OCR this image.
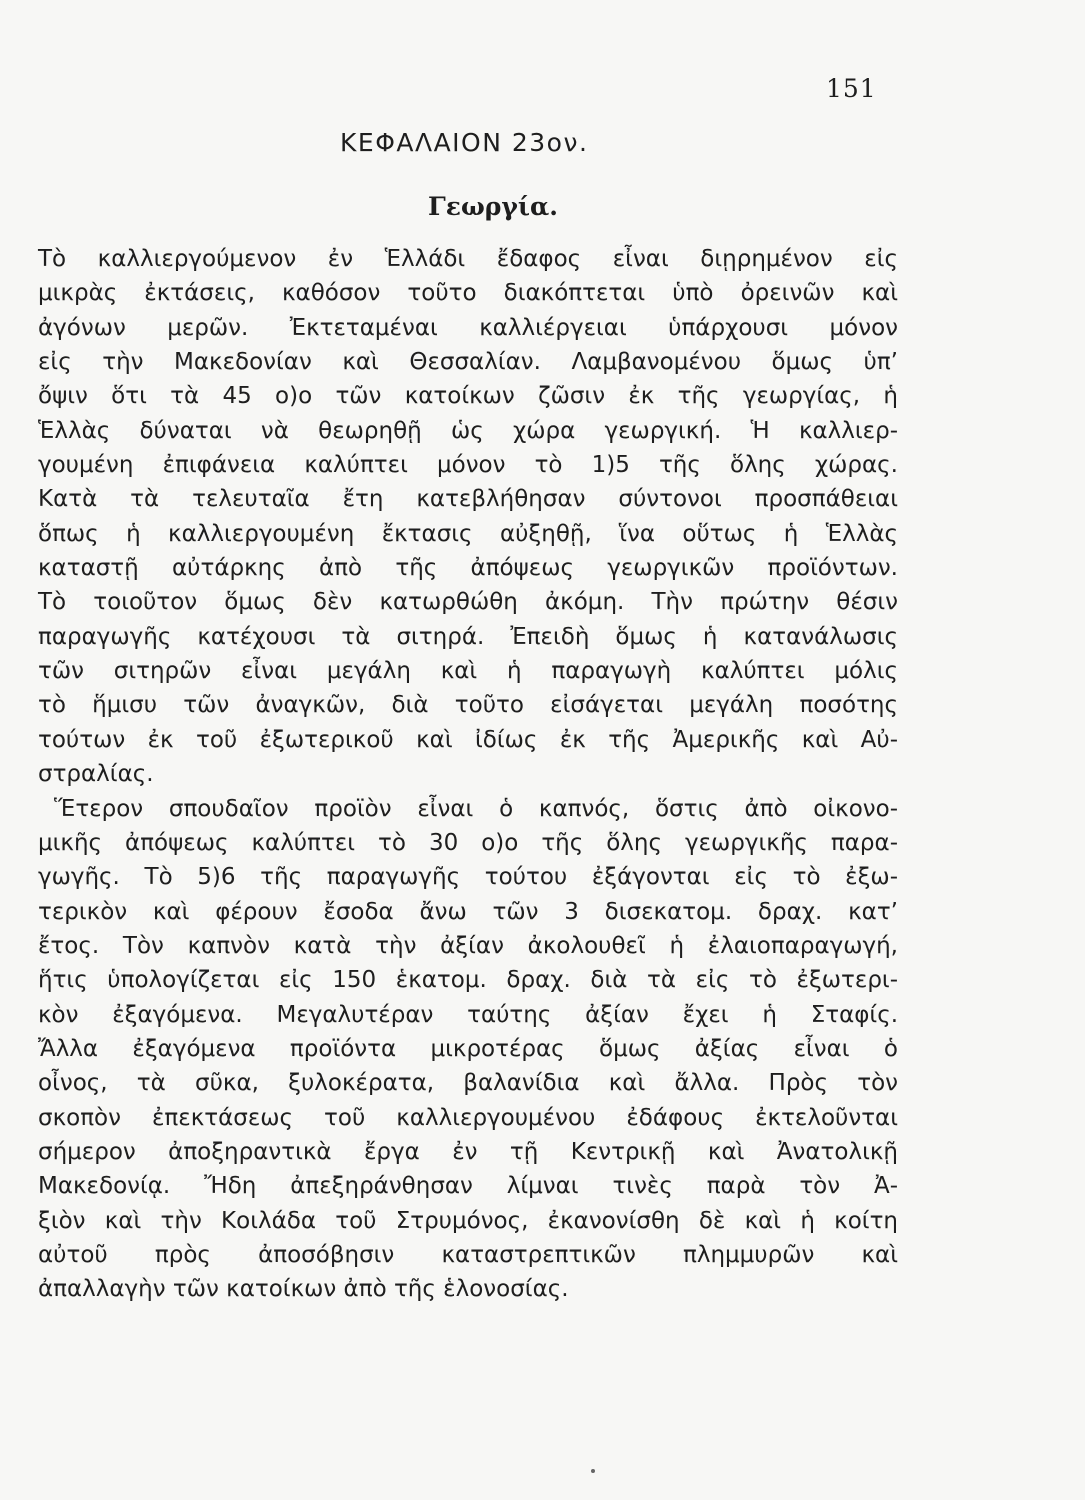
151
ΚΕΦΑΛΑΙΟΝ 23ον.
Γεωργία.
Τὸ καλλιεργούμενον ἐν Ἑλλάδι ἔδαφος εἶναι διῃρημένον εἰς
μικρὰς ἐκτάσεις, καθόσον τοῦτο διακόπτεται ὑπὸ ὀρεινῶν καὶ
ἀγόνων μερῶν. Ἐκτεταμέναι καλλιέργειαι ὑπάρχουσι μόνον
εἰς τὴν Μακεδονίαν καὶ Θεσσαλίαν. Λαμβανομένου ὅμως ὑπ’
ὄψιν ὅτι τὰ 45 ο)ο τῶν κατοίκων ζῶσιν ἐκ τῆς γεωργίας, ἡ
Ἑλλὰς δύναται νὰ θεωρηθῇ ὡς χώρα γεωργική. Ἡ καλλιερ-
γουμένη ἐπιφάνεια καλύπτει μόνον τὸ 1)5 τῆς ὅλης χώρας.
Κατὰ τὰ τελευταῖα ἔτη κατεβλήθησαν σύντονοι προσπάθειαι
ὅπως ἡ καλλιεργουμένη ἔκτασις αὐξηθῇ, ἵνα οὕτως ἡ Ἑλλὰς
καταστῇ αὐτάρκης ἀπὸ τῆς ἀπόψεως γεωργικῶν προϊόντων.
Τὸ τοιοῦτον ὅμως δὲν κατωρθώθη ἀκόμη. Τὴν πρώτην θέσιν
παραγωγῆς κατέχουσι τὰ σιτηρά. Ἐπειδὴ ὅμως ἡ κατανάλωσις
τῶν σιτηρῶν εἶναι μεγάλη καὶ ἡ παραγωγὴ καλύπτει μόλις
τὸ ἥμισυ τῶν ἀναγκῶν, διὰ τοῦτο εἰσάγεται μεγάλη ποσότης
τούτων ἐκ τοῦ ἐξωτερικοῦ καὶ ἰδίως ἐκ τῆς Ἀμερικῆς καὶ Αὐ-
στραλίας.
Ἕτερον σπουδαῖον προϊὸν εἶναι ὁ καπνός, ὅστις ἀπὸ οἰκονο-
μικῆς ἀπόψεως καλύπτει τὸ 30 ο)ο τῆς ὅλης γεωργικῆς παρα-
γωγῆς. Τὸ 5)6 τῆς παραγωγῆς τούτου ἐξάγονται εἰς τὸ ἐξω-
τερικὸν καὶ φέρουν ἔσοδα ἄνω τῶν 3 δισεκατομ. δραχ. κατ’
ἔτος. Τὸν καπνὸν κατὰ τὴν ἀξίαν ἀκολουθεῖ ἡ ἐλαιοπαραγωγή,
ἥτις ὑπολογίζεται εἰς 150 ἑκατομ. δραχ. διὰ τὰ εἰς τὸ ἐξωτερι-
κὸν ἐξαγόμενα. Μεγαλυτέραν ταύτης ἀξίαν ἔχει ἡ Σταφίς.
Ἄλλα ἐξαγόμενα προϊόντα μικροτέρας ὅμως ἀξίας εἶναι ὁ
οἶνος, τὰ σῦκα, ξυλοκέρατα, βαλανίδια καὶ ἄλλα. Πρὸς τὸν
σκοπὸν ἐπεκτάσεως τοῦ καλλιεργουμένου ἐδάφους ἐκτελοῦνται
σήμερον ἀποξηραντικὰ ἔργα ἐν τῇ Κεντρικῇ καὶ Ἀνατολικῇ
Μακεδονίᾳ. Ἤδη ἀπεξηράνθησαν λίμναι τινὲς παρὰ τὸν Ἀ-
ξιὸν καὶ τὴν Κοιλάδα τοῦ Στρυμόνος, ἐκανονίσθη δὲ καὶ ἡ κοίτη
αὐτοῦ πρὸς ἀποσόβησιν καταστρεπτικῶν πλημμυρῶν καὶ
ἀπαλλαγὴν τῶν κατοίκων ἀπὸ τῆς ἑλονοσίας.
